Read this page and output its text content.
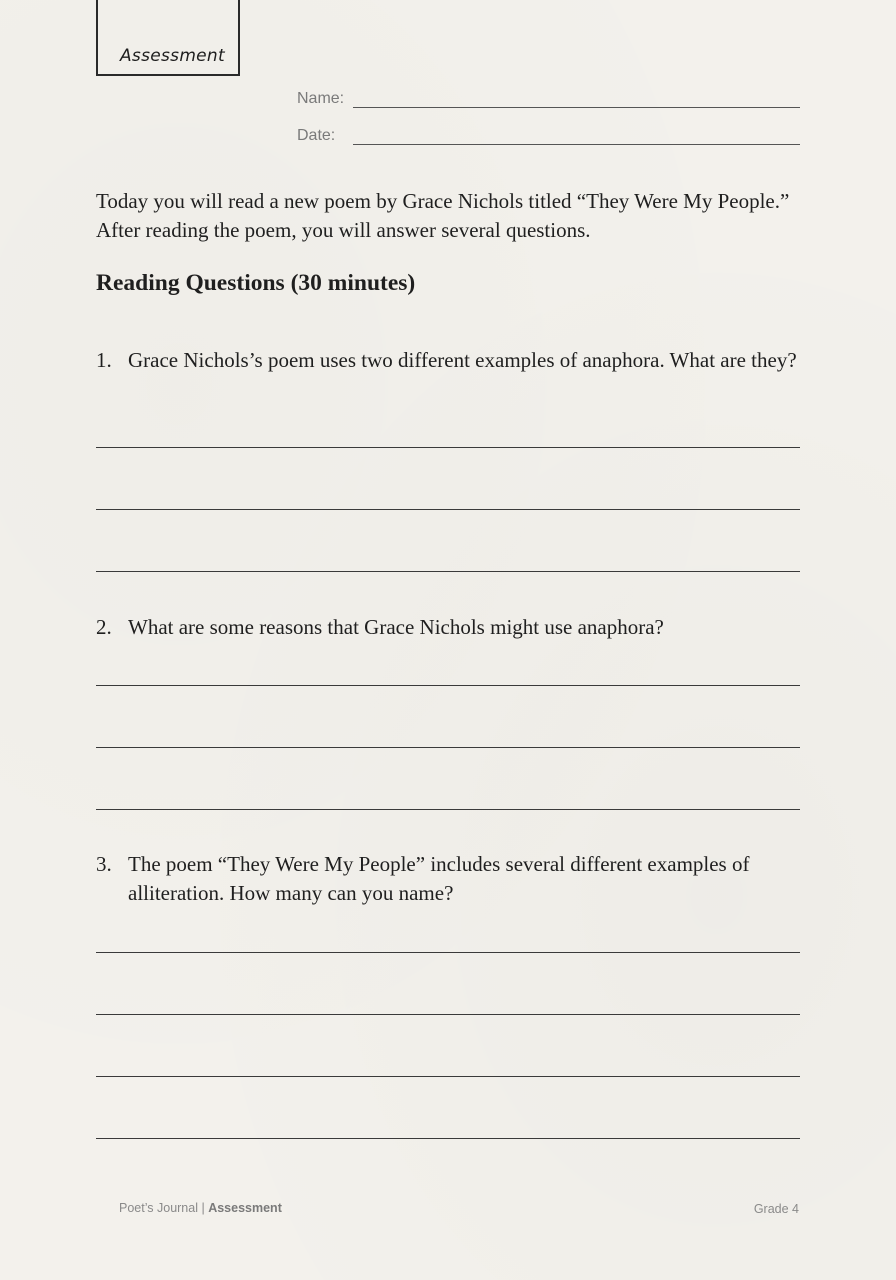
Assessment
Name:
Date:

Today you will read a new poem by Grace Nichols titled “They Were My People.” After reading the poem, you will answer several questions.

Reading Questions (30 minutes)
1. Grace Nichols’s poem uses two different examples of anaphora. What are they?
2. What are some reasons that Grace Nichols might use anaphora?
3. The poem “They Were My People” includes several different examples of alliteration. How many can you name?
Poet’s Journal | Assessment	Grade 4
